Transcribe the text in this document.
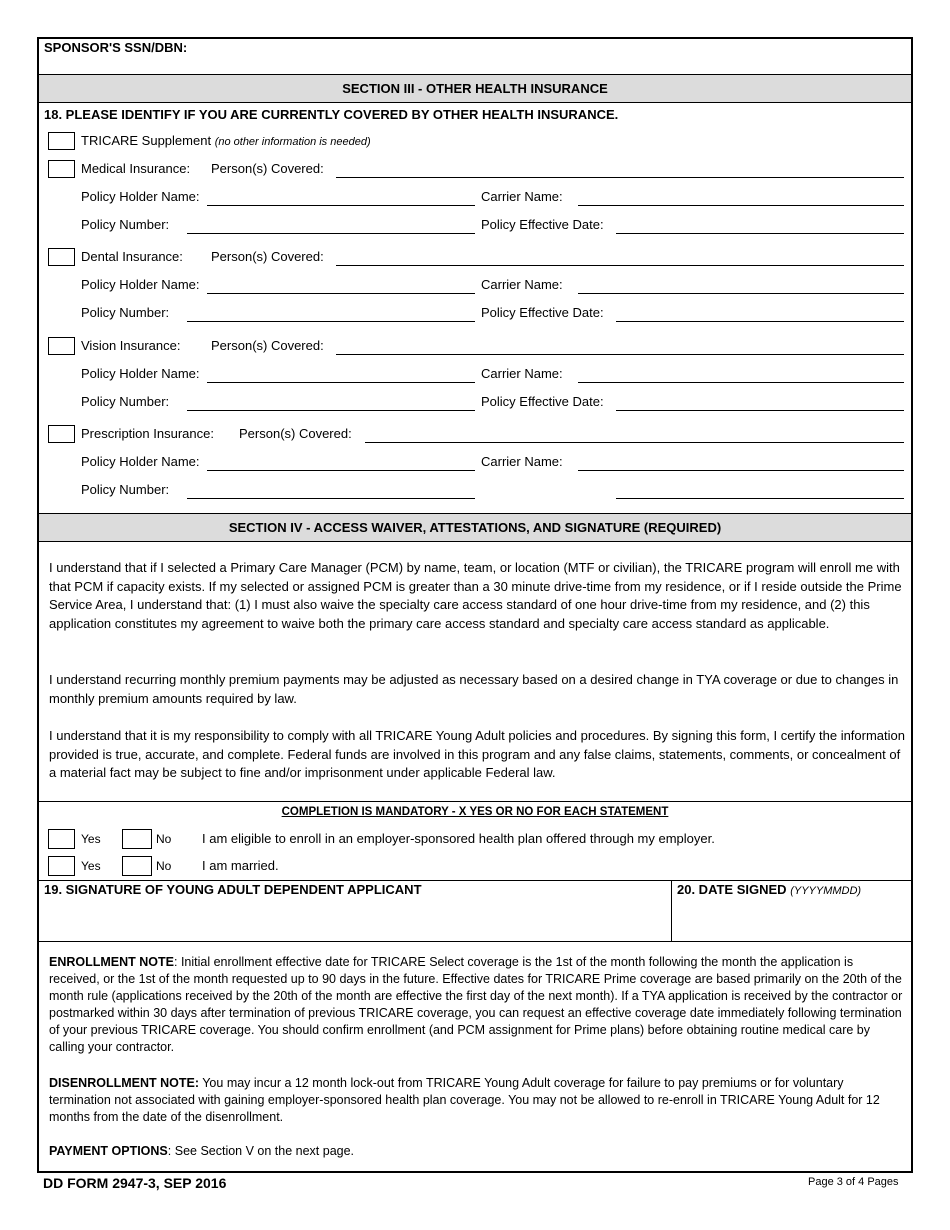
SPONSOR'S SSN/DBN:
SECTION III - OTHER HEALTH INSURANCE
18. PLEASE IDENTIFY IF YOU ARE CURRENTLY COVERED BY OTHER HEALTH INSURANCE.
TRICARE Supplement (no other information is needed)
Medical Insurance: Person(s) Covered:
Policy Holder Name:	Carrier Name:
Policy Number:	Policy Effective Date:
Dental Insurance: Person(s) Covered:
Policy Holder Name:	Carrier Name:
Policy Number:	Policy Effective Date:
Vision Insurance: Person(s) Covered:
Policy Holder Name:	Carrier Name:
Policy Number:	Policy Effective Date:
Prescription Insurance: Person(s) Covered:
Policy Holder Name:	Carrier Name:
Policy Number:
SECTION IV - ACCESS WAIVER, ATTESTATIONS, AND SIGNATURE (REQUIRED)
I understand that if I selected a Primary Care Manager (PCM) by name, team, or location (MTF or civilian), the TRICARE program will enroll me with that PCM if capacity exists. If my selected or assigned PCM is greater than a 30 minute drive-time from my residence, or if I reside outside the Prime Service Area, I understand that: (1) I must also waive the specialty care access standard of one hour drive-time from my residence, and (2) this application constitutes my agreement to waive both the primary care access standard and specialty care access standard as applicable.
I understand recurring monthly premium payments may be adjusted as necessary based on a desired change in TYA coverage or due to changes in monthly premium amounts required by law.
I understand that it is my responsibility to comply with all TRICARE Young Adult policies and procedures. By signing this form, I certify the information provided is true, accurate, and complete. Federal funds are involved in this program and any false claims, statements, comments, or concealment of a material fact may be subject to fine and/or imprisonment under applicable Federal law.
COMPLETION IS MANDATORY - X YES OR NO FOR EACH STATEMENT
Yes	No I am eligible to enroll in an employer-sponsored health plan offered through my employer.
Yes	No I am married.
19. SIGNATURE OF YOUNG ADULT DEPENDENT APPLICANT	20. DATE SIGNED (YYYYMMDD)
ENROLLMENT NOTE: Initial enrollment effective date for TRICARE Select coverage is the 1st of the month following the month the application is received, or the 1st of the month requested up to 90 days in the future. Effective dates for TRICARE Prime coverage are based primarily on the 20th of the month rule (applications received by the 20th of the month are effective the first day of the next month). If a TYA application is received by the contractor or postmarked within 30 days after termination of previous TRICARE coverage, you can request an effective coverage date immediately following termination of your previous TRICARE coverage. You should confirm enrollment (and PCM assignment for Prime plans) before obtaining routine medical care by calling your contractor.
DISENROLLMENT NOTE: You may incur a 12 month lock-out from TRICARE Young Adult coverage for failure to pay premiums or for voluntary termination not associated with gaining employer-sponsored health plan coverage. You may not be allowed to re-enroll in TRICARE Young Adult for 12 months from the date of the disenrollment.
PAYMENT OPTIONS: See Section V on the next page.
DD FORM 2947-3, SEP 2016	Page 3 of 4 Pages
